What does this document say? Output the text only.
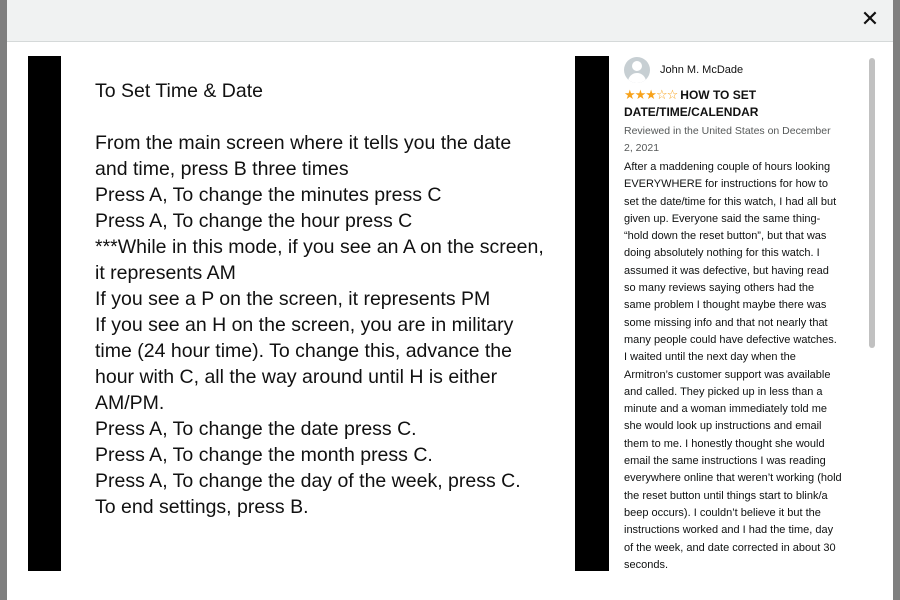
✕
To Set Time & Date
From the main screen where it tells you the date and time, press B three times
Press A, To change the minutes press C
Press A, To change the hour press C
***While in this mode, if you see an A on the screen, it represents AM
If you see a P on the screen, it represents PM
If you see an H on the screen, you are in military time (24 hour time). To change this, advance the hour with C, all the way around until H is either AM/PM.
Press A, To change the date press C.
Press A, To change the month press C.
Press A, To change the day of the week, press C.
To end settings, press B.
John M. McDade
★★★☆☆ HOW TO SET DATE/TIME/CALENDAR
Reviewed in the United States on December 2, 2021
After a maddening couple of hours looking EVERYWHERE for instructions for how to set the date/time for this watch, I had all but given up. Everyone said the same thing- “hold down the reset button”, but that was doing absolutely nothing for this watch. I assumed it was defective, but having read so many reviews saying others had the same problem I thought maybe there was some missing info and that not nearly that many people could have defective watches. I waited until the next day when the Armitron’s customer support was available and called. They picked up in less than a minute and a woman immediately told me she would look up instructions and email them to me. I honestly thought she would email the same instructions I was reading everywhere online that weren’t working (hold the reset button until things start to blink/a beep occurs). I couldn’t believe it but the instructions worked and I had the time, day of the week, and date corrected in about 30 seconds.
